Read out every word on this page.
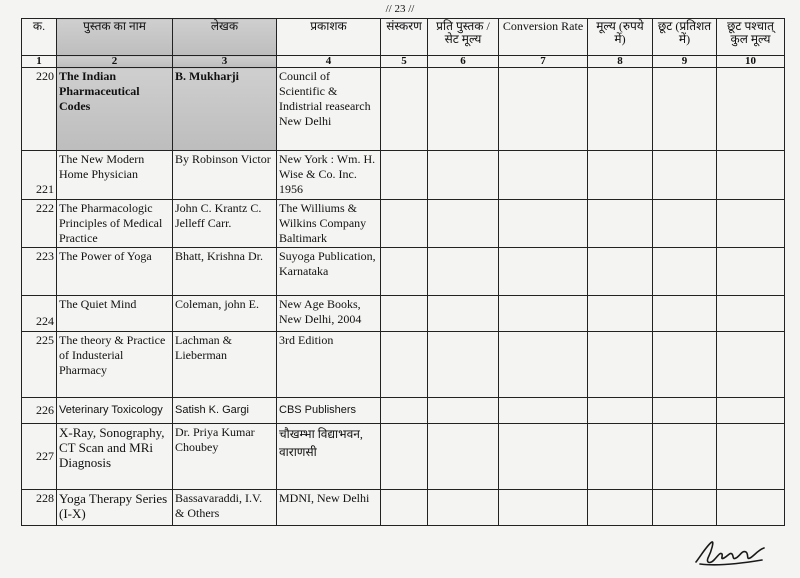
// 23 //
क.	पुस्तक का नाम	लेखक	प्रकाशक	संस्करण	प्रति पुस्तक / सेट मूल्य	Conversion Rate	मूल्य (रुपये में)	छूट (प्रतिशत में)	छूट पश्चात् कुल मूल्य
1	2	3	4	5	6	7	8	9	10
220	The Indian Pharmaceutical Codes	B. Mukharji	Council of Scientific & Indistrial reasearch New Delhi						
221	The New Modern Home Physician	By Robinson Victor	New York : Wm. H. Wise & Co. Inc. 1956						
222	The Pharmacologic Principles of Medical Practice	John C. Krantz C. Jelleff Carr.	The Williums & Wilkins Company Baltimark						
223	The Power of Yoga	Bhatt, Krishna Dr.	Suyoga Publication, Karnataka						
224	The Quiet Mind	Coleman, john E.	New Age Books, New Delhi, 2004						
225	The theory & Practice of Industerial Pharmacy	Lachman & Lieberman	3rd Edition						
226	Veterinary Toxicology	Satish K. Gargi	CBS Publishers						
227	X-Ray, Sonography, CT Scan and MRi Diagnosis	Dr. Priya Kumar Choubey	चौखम्भा विद्याभवन, वाराणसी						
228	Yoga Therapy Series (I-X)	Bassavaraddi, I.V. & Others	MDNI, New Delhi						
